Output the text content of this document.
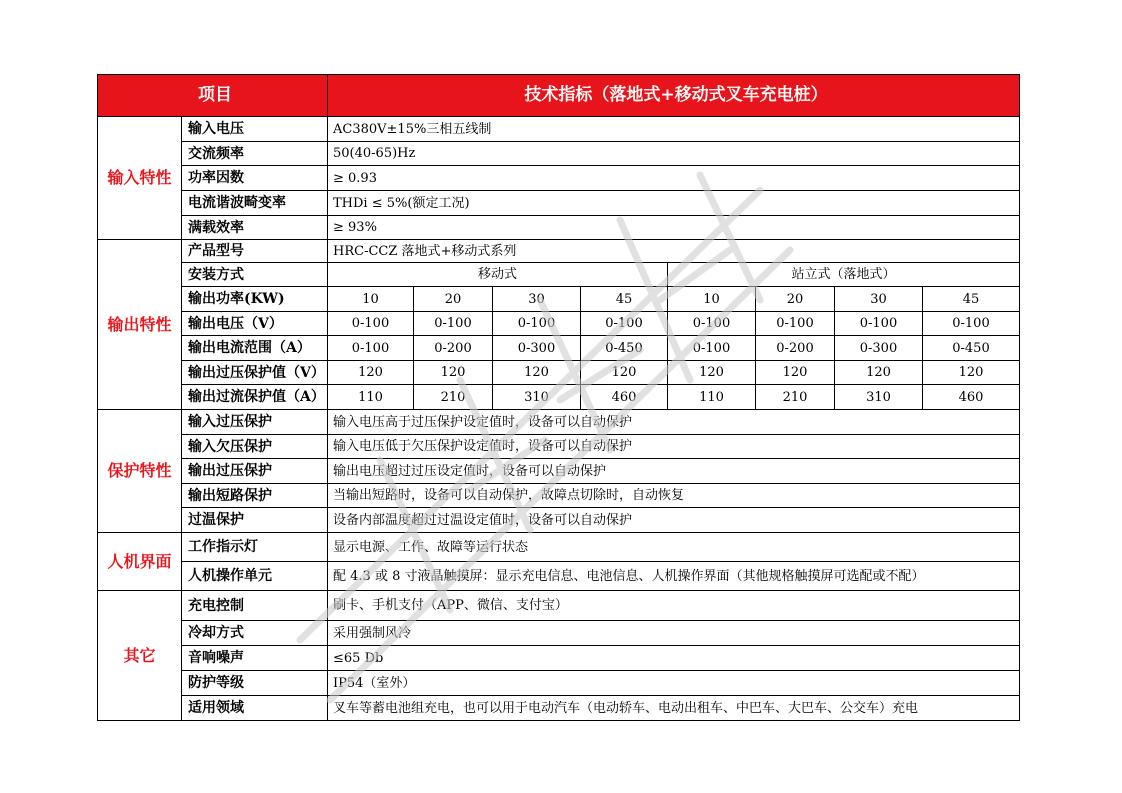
项目		技术指标（落地式+移动式叉车充电桩）							
输入特性	输入电压	AC380V±15%三相五线制							
	交流频率	50(40-65)Hz							
	功率因数	≥ 0.93							
	电流谐波畸变率	THDi ≤ 5%(额定工况)							
	满载效率	≥ 93%							
输出特性	产品型号	HRC-CCZ 落地式+移动式系列							
	安装方式	移动式				站立式（落地式）			
	输出功率(KW)	10	20	30	45	10	20	30	45
	输出电压（V）	0-100	0-100	0-100	0-100	0-100	0-100	0-100	0-100
	输出电流范围（A）	0-100	0-200	0-300	0-450	0-100	0-200	0-300	0-450
	输出过压保护值（V）	120	120	120	120	120	120	120	120
	输出过流保护值（A）	110	210	310	460	110	210	310	460
保护特性	输入过压保护	输入电压高于过压保护设定值时，设备可以自动保护							
	输入欠压保护	输入电压低于欠压保护设定值时，设备可以自动保护							
	输出过压保护	输出电压超过过压设定值时，设备可以自动保护							
	输出短路保护	当输出短路时，设备可以自动保护，故障点切除时，自动恢复							
	过温保护	设备内部温度超过过温设定值时，设备可以自动保护							
人机界面	工作指示灯	显示电源、工作、故障等运行状态							
	人机操作单元	配 4.3 或 8 寸液晶触摸屏：显示充电信息、电池信息、人机操作界面（其他规格触摸屏可选配或不配）							
其它	充电控制	刷卡、手机支付（APP、微信、支付宝）							
	冷却方式	采用强制风冷							
	音响噪声	≤65 Db							
	防护等级	IP54（室外）							
	适用领域	叉车等蓄电池组充电，也可以用于电动汽车（电动轿车、电动出租车、中巴车、大巴车、公交车）充电							
